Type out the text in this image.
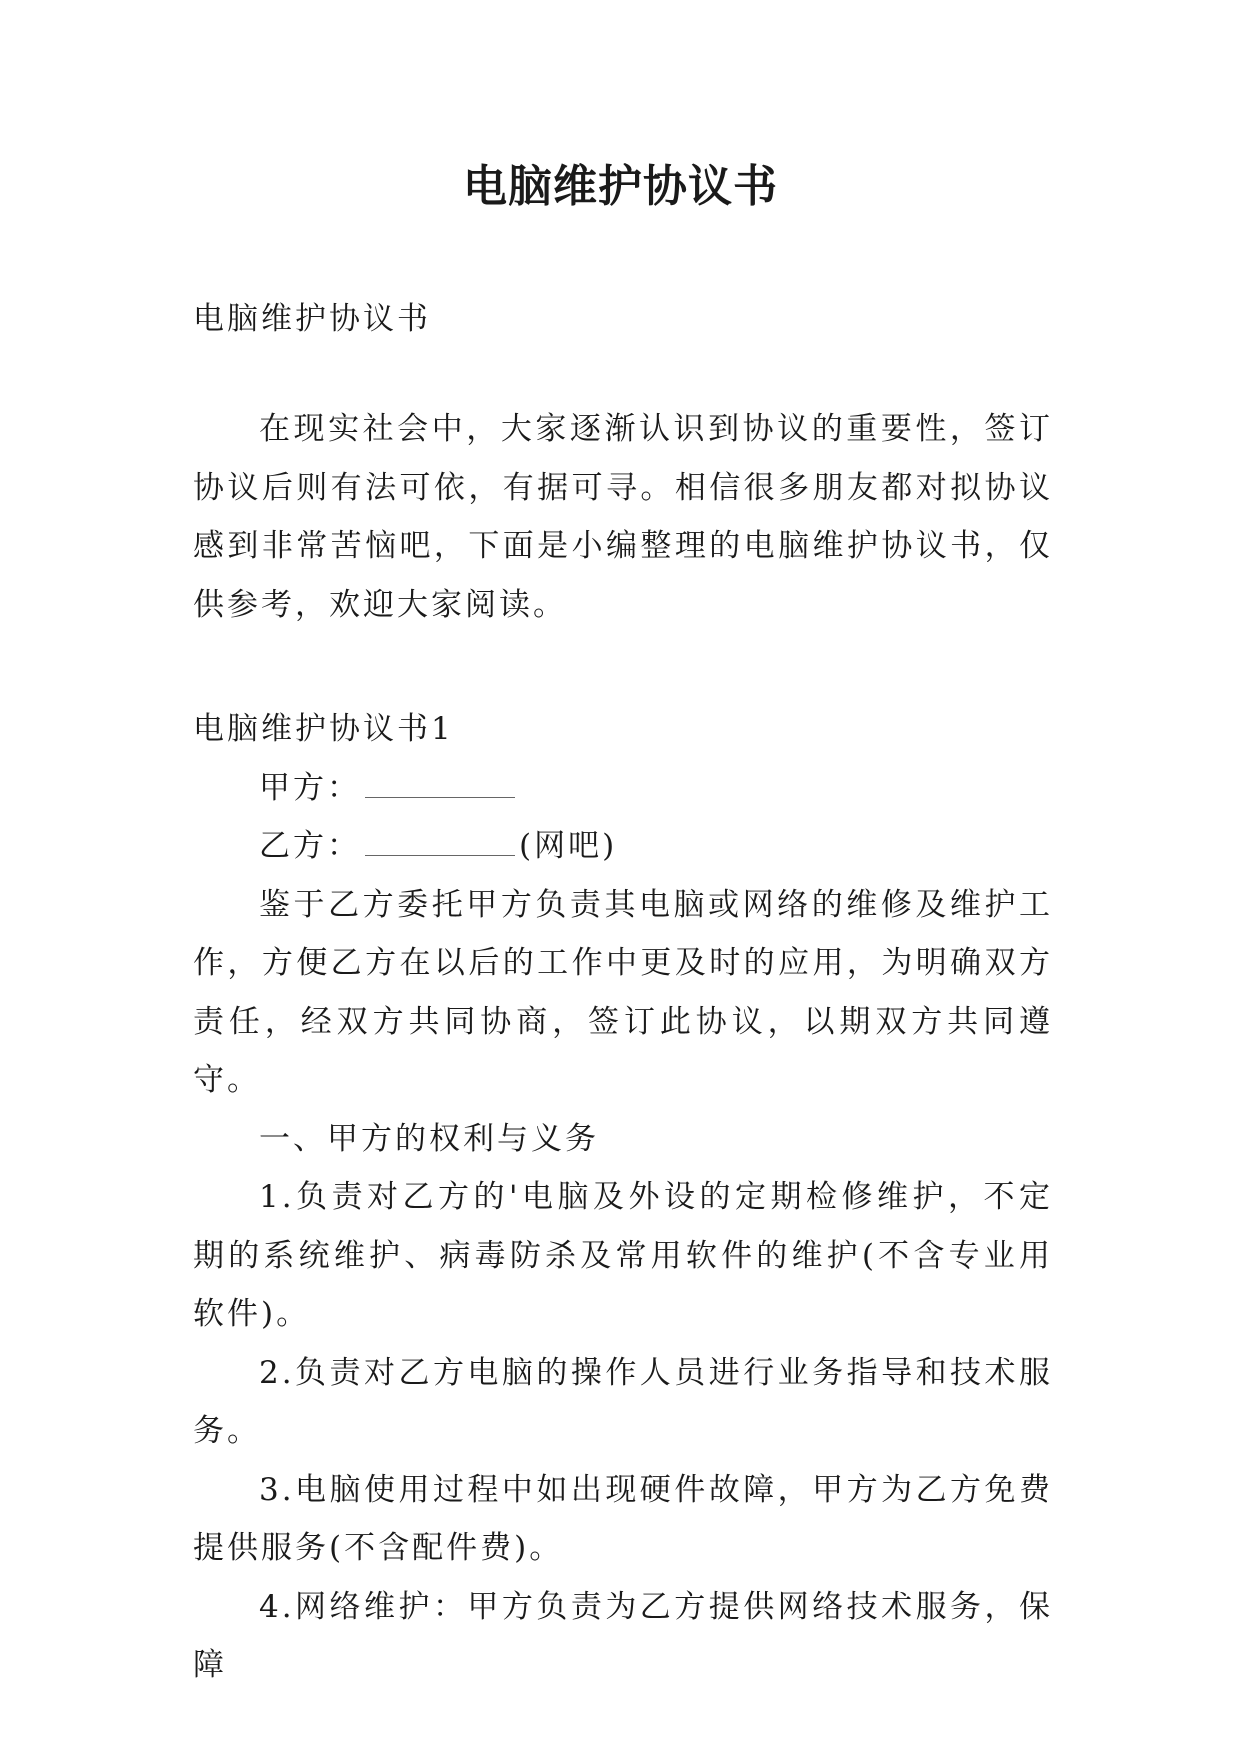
电脑维护协议书

电脑维护协议书

在现实社会中，大家逐渐认识到协议的重要性，签订协议后则有法可依，有据可寻。相信很多朋友都对拟协议感到非常苦恼吧，下面是小编整理的电脑维护协议书，仅供参考，欢迎大家阅读。

电脑维护协议书1

甲方：

乙方：	(网吧)

鉴于乙方委托甲方负责其电脑或网络的维修及维护工作，方便乙方在以后的工作中更及时的应用，为明确双方责任，经双方共同协商，签订此协议，以期双方共同遵守。

一、甲方的权利与义务

1.负责对乙方的'电脑及外设的定期检修维护，不定期的系统维护、病毒防杀及常用软件的维护(不含专业用软件)。

2.负责对乙方电脑的操作人员进行业务指导和技术服务。

3.电脑使用过程中如出现硬件故障，甲方为乙方免费提供服务(不含配件费)。

4.网络维护：甲方负责为乙方提供网络技术服务，保障
